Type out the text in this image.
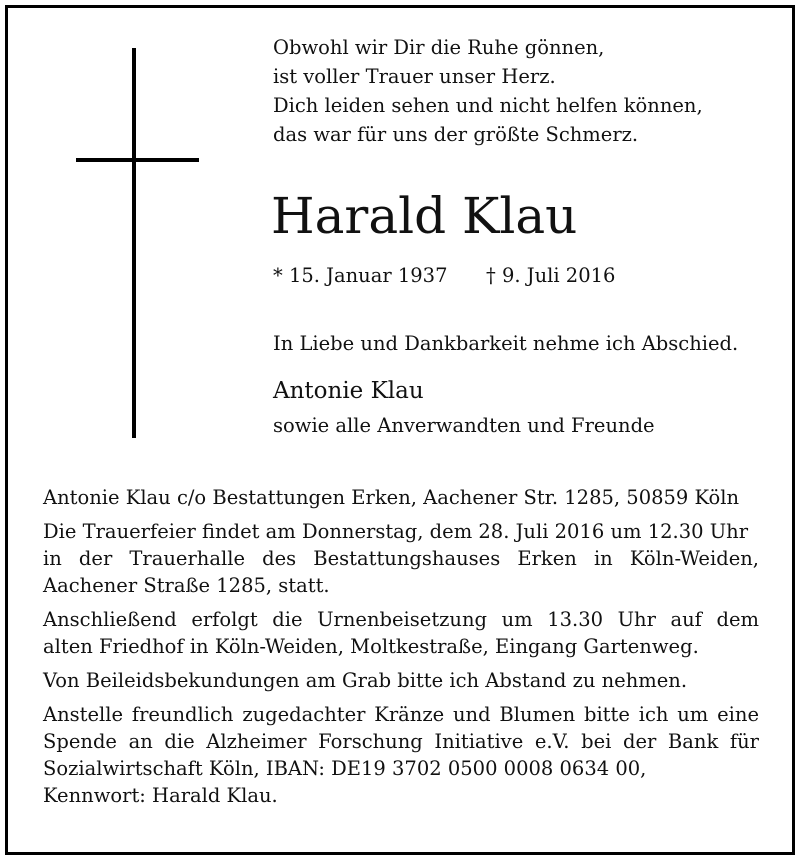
Obwohl wir Dir die Ruhe gönnen,
ist voller Trauer unser Herz.
Dich leiden sehen und nicht helfen können,
das war für uns der größte Schmerz.
Harald Klau
* 15. Januar 1937 † 9. Juli 2016
In Liebe und Dankbarkeit nehme ich Abschied.
Antonie Klau
sowie alle Anverwandten und Freunde

Antonie Klau c/o Bestattungen Erken, Aachener Str. 1285, 50859 Köln

Die Trauerfeier findet am Donnerstag, dem 28. Juli 2016 um 12.30 Uhr
in der Trauerhalle des Bestattungshauses Erken in Köln-Weiden,
Aachener Straße 1285, statt.

Anschließend erfolgt die Urnenbeisetzung um 13.30 Uhr auf dem
alten Friedhof in Köln-Weiden, Moltkestraße, Eingang Gartenweg.

Von Beileidsbekundungen am Grab bitte ich Abstand zu nehmen.

Anstelle freundlich zugedachter Kränze und Blumen bitte ich um eine
Spende an die Alzheimer Forschung Initiative e.V. bei der Bank für
Sozialwirtschaft Köln, IBAN: DE19 3702 0500 0008 0634 00,
Kennwort: Harald Klau.
